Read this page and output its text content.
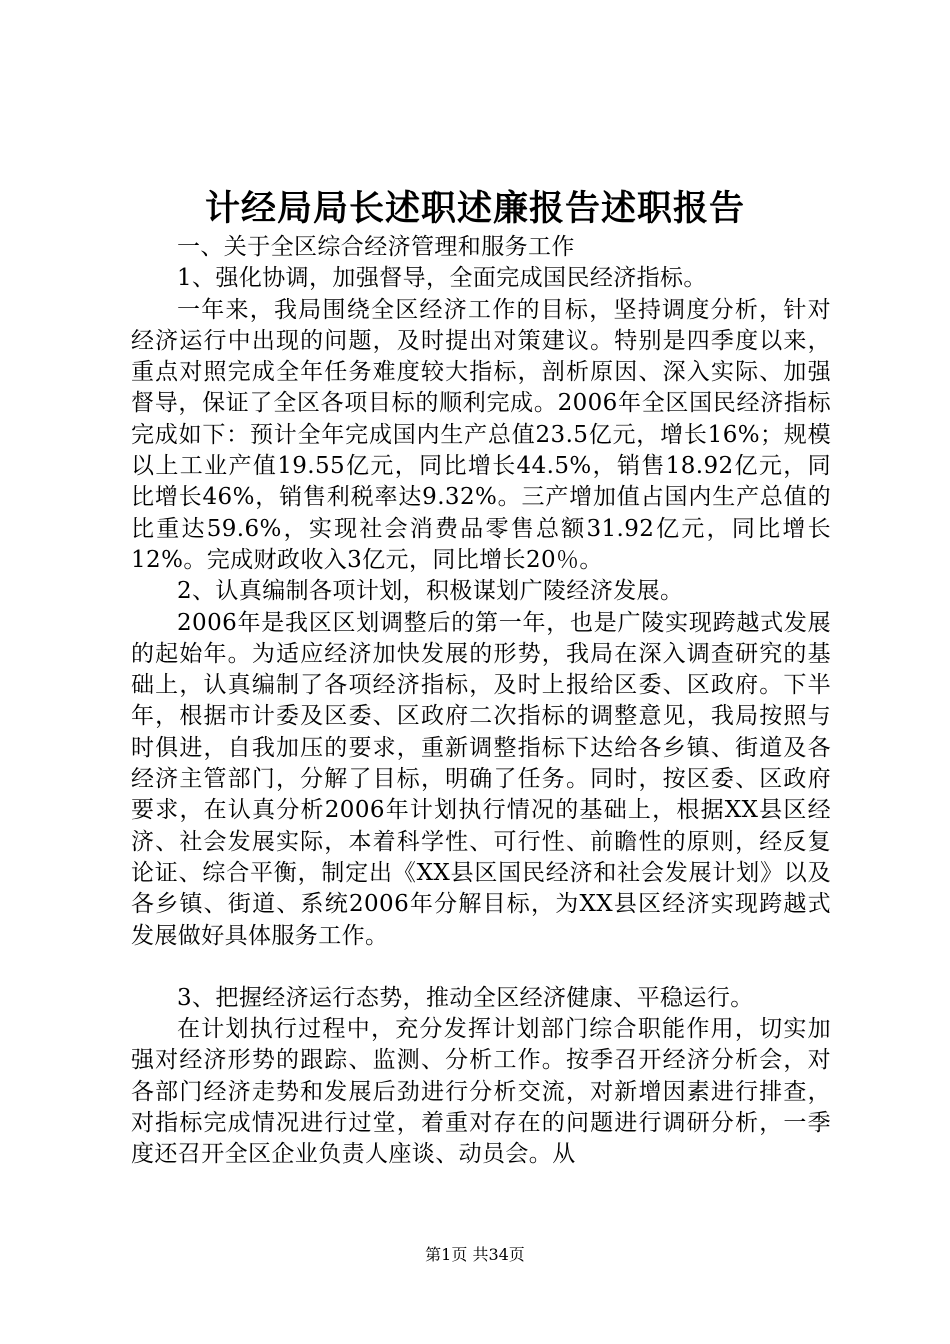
计经局局长述职述廉报告述职报告

一、关于全区综合经济管理和服务工作

1、强化协调，加强督导，全面完成国民经济指标。

一年来，我局围绕全区经济工作的目标，坚持调度分析，针对经济运行中出现的问题，及时提出对策建议。特别是四季度以来，重点对照完成全年任务难度较大指标，剖析原因、深入实际、加强督导，保证了全区各项目标的顺利完成。2006年全区国民经济指标完成如下：预计全年完成国内生产总值23.5亿元，增长16%；规模以上工业产值19.55亿元，同比增长44.5%，销售18.92亿元，同比增长46%，销售利税率达9.32%。三产增加值占国内生产总值的比重达59.6%，实现社会消费品零售总额31.92亿元，同比增长12%。完成财政收入3亿元，同比增长20％。

2、认真编制各项计划，积极谋划广陵经济发展。

2006年是我区区划调整后的第一年，也是广陵实现跨越式发展的起始年。为适应经济加快发展的形势，我局在深入调查研究的基础上，认真编制了各项经济指标，及时上报给区委、区政府。下半年，根据市计委及区委、区政府二次指标的调整意见，我局按照与时俱进，自我加压的要求，重新调整指标下达给各乡镇、街道及各经济主管部门，分解了目标，明确了任务。同时，按区委、区政府要求，在认真分析2006年计划执行情况的基础上，根据XX县区经济、社会发展实际，本着科学性、可行性、前瞻性的原则，经反复论证、综合平衡，制定出《XX县区国民经济和社会发展计划》以及各乡镇、街道、系统2006年分解目标，为XX县区经济实现跨越式发展做好具体服务工作。

3、把握经济运行态势，推动全区经济健康、平稳运行。

在计划执行过程中，充分发挥计划部门综合职能作用，切实加强对经济形势的跟踪、监测、分析工作。按季召开经济分析会，对各部门经济走势和发展后劲进行分析交流，对新增因素进行排查，对指标完成情况进行过堂，着重对存在的问题进行调研分析，一季度还召开全区企业负责人座谈、动员会。从

第1页 共34页
